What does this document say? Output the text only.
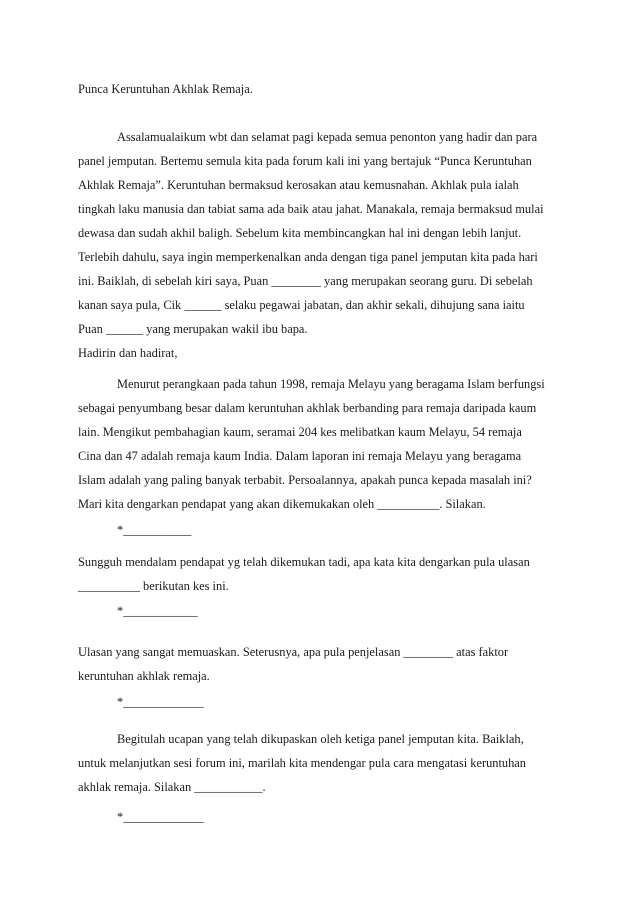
Punca Keruntuhan Akhlak Remaja.
Assalamualaikum wbt dan selamat pagi kepada semua penonton yang hadir dan para
panel jemputan. Bertemu semula kita pada forum kali ini yang bertajuk “Punca Keruntuhan
Akhlak Remaja”. Keruntuhan bermaksud kerosakan atau kemusnahan. Akhlak pula ialah
tingkah laku manusia dan tabiat sama ada baik atau jahat. Manakala, remaja bermaksud mulai
dewasa dan sudah akhil baligh. Sebelum kita membincangkan hal ini dengan lebih lanjut.
Terlebih dahulu, saya ingin memperkenalkan anda dengan tiga panel jemputan kita pada hari
ini. Baiklah, di sebelah kiri saya, Puan ________ yang merupakan seorang guru. Di sebelah
kanan saya pula, Cik ______ selaku pegawai jabatan, dan akhir sekali, dihujung sana iaitu
Puan ______ yang merupakan wakil ibu bapa.
Hadirin dan hadirat,
Menurut perangkaan pada tahun 1998, remaja Melayu yang beragama Islam berfungsi
sebagai penyumbang besar dalam keruntuhan akhlak berbanding para remaja daripada kaum
lain. Mengikut pembahagian kaum, seramai 204 kes melibatkan kaum Melayu, 54 remaja
Cina dan 47 adalah remaja kaum India. Dalam laporan ini remaja Melayu yang beragama
Islam adalah yang paling banyak terbabit. Persoalannya, apakah punca kepada masalah ini?
Mari kita dengarkan pendapat yang akan dikemukakan oleh __________. Silakan.
*___________
Sungguh mendalam pendapat yg telah dikemukan tadi, apa kata kita dengarkan pula ulasan
__________ berikutan kes ini.
*____________
Ulasan yang sangat memuaskan. Seterusnya, apa pula penjelasan ________ atas faktor
keruntuhan akhlak remaja.
*_____________
Begitulah ucapan yang telah dikupaskan oleh ketiga panel jemputan kita. Baiklah,
untuk melanjutkan sesi forum ini, marilah kita mendengar pula cara mengatasi keruntuhan
akhlak remaja. Silakan ___________.
*_____________
